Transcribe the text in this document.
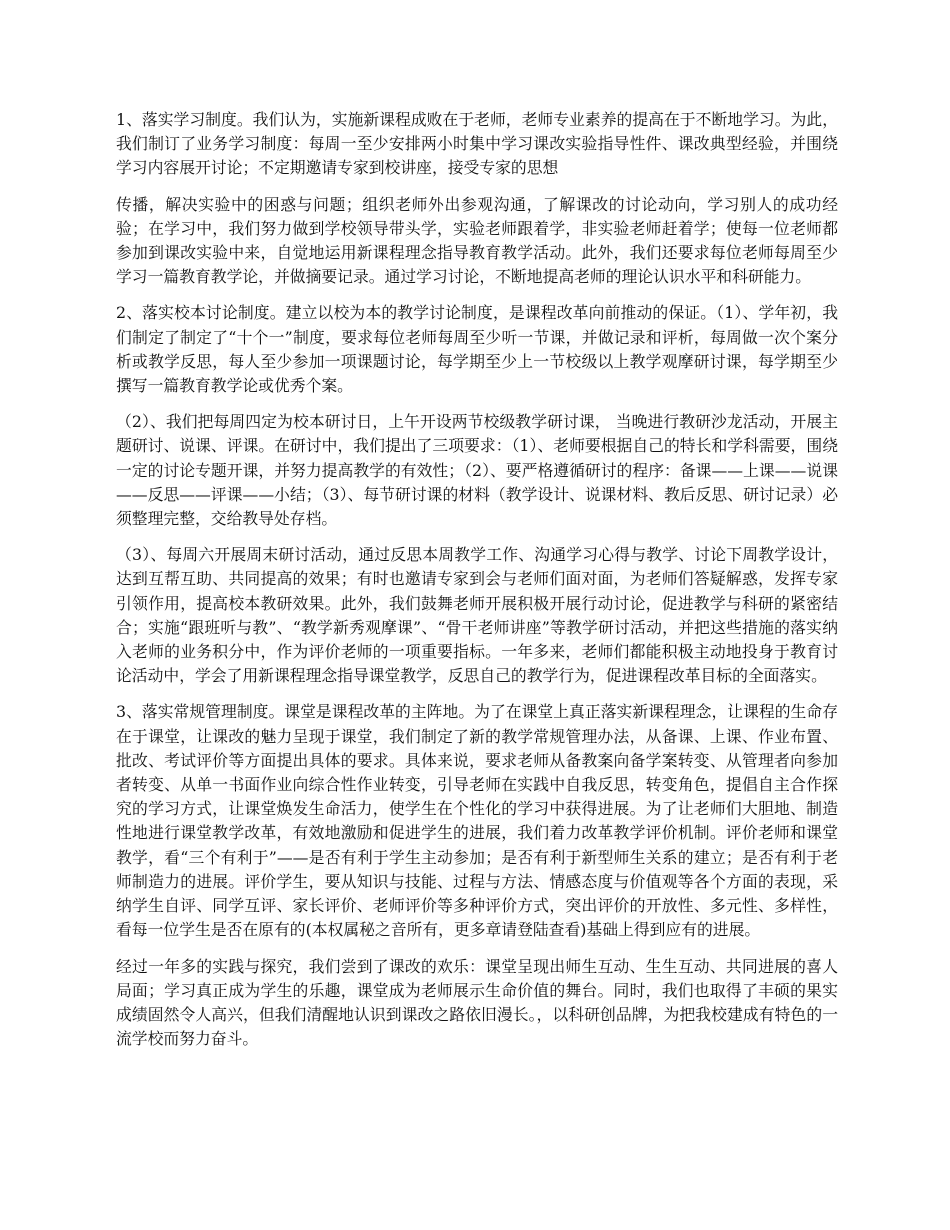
1、落实学习制度。我们认为，实施新课程成败在于老师，老师专业素养的提高在于不断地学习。为此，我们制订了业务学习制度：每周一至少安排两小时集中学习课改实验指导性件、课改典型经验，并围绕学习内容展开讨论；不定期邀请专家到校讲座，接受专家的思想

传播，解决实验中的困惑与问题；组织老师外出参观沟通，了解课改的讨论动向，学习别人的成功经验；在学习中，我们努力做到学校领导带头学，实验老师跟着学，非实验老师赶着学；使每一位老师都参加到课改实验中来，自觉地运用新课程理念指导教育教学活动。此外，我们还要求每位老师每周至少学习一篇教育教学论，并做摘要记录。通过学习讨论，不断地提高老师的理论认识水平和科研能力。

2、落实校本讨论制度。建立以校为本的教学讨论制度，是课程改革向前推动的保证。（1）、学年初，我们制定了制定了“十个一”制度，要求每位老师每周至少听一节课，并做记录和评析，每周做一次个案分析或教学反思，每人至少参加一项课题讨论，每学期至少上一节校级以上教学观摩研讨课，每学期至少撰写一篇教育教学论或优秀个案。

（2）、我们把每周四定为校本研讨日，上午开设两节校级教学研讨课， 当晚进行教研沙龙活动，开展主题研讨、说课、评课。在研讨中，我们提出了三项要求：（1）、老师要根据自己的特长和学科需要，围绕一定的讨论专题开课，并努力提高教学的有效性；（2）、要严格遵循研讨的程序：备课——上课——说课——反思——评课——小结；（3）、每节研讨课的材料（教学设计、说课材料、教后反思、研讨记录）必须整理完整，交给教导处存档。

（3）、每周六开展周末研讨活动，通过反思本周教学工作、沟通学习心得与教学、讨论下周教学设计，达到互帮互助、共同提高的效果；有时也邀请专家到会与老师们面对面，为老师们答疑解惑，发挥专家引领作用，提高校本教研效果。此外，我们鼓舞老师开展积极开展行动讨论，促进教学与科研的紧密结合；实施“跟班听与教”、“教学新秀观摩课”、“骨干老师讲座”等教学研讨活动，并把这些措施的落实纳入老师的业务积分中，作为评价老师的一项重要指标。一年多来，老师们都能积极主动地投身于教育讨论活动中，学会了用新课程理念指导课堂教学，反思自己的教学行为，促进课程改革目标的全面落实。

3、落实常规管理制度。课堂是课程改革的主阵地。为了在课堂上真正落实新课程理念，让课程的生命存在于课堂，让课改的魅力呈现于课堂，我们制定了新的教学常规管理办法，从备课、上课、作业布置、批改、考试评价等方面提出具体的要求。具体来说，要求老师从备教案向备学案转变、从管理者向参加者转变、从单一书面作业向综合性作业转变，引导老师在实践中自我反思，转变角色，提倡自主合作探究的学习方式，让课堂焕发生命活力，使学生在个性化的学习中获得进展。为了让老师们大胆地、制造性地进行课堂教学改革，有效地激励和促进学生的进展，我们着力改革教学评价机制。评价老师和课堂教学，看“三个有利于”——是否有利于学生主动参加；是否有利于新型师生关系的建立；是否有利于老师制造力的进展。评价学生，要从知识与技能、过程与方法、情感态度与价值观等各个方面的表现，采纳学生自评、同学互评、家长评价、老师评价等多种评价方式，突出评价的开放性、多元性、多样性，看每一位学生是否在原有的(本权属秘之音所有，更多章请登陆查看)基础上得到应有的进展。

经过一年多的实践与探究，我们尝到了课改的欢乐：课堂呈现出师生互动、生生互动、共同进展的喜人局面；学习真正成为学生的乐趣，课堂成为老师展示生命价值的舞台。同时，我们也取得了丰硕的果实成绩固然令人高兴，但我们清醒地认识到课改之路依旧漫长。，以科研创品牌，为把我校建成有特色的一流学校而努力奋斗。
